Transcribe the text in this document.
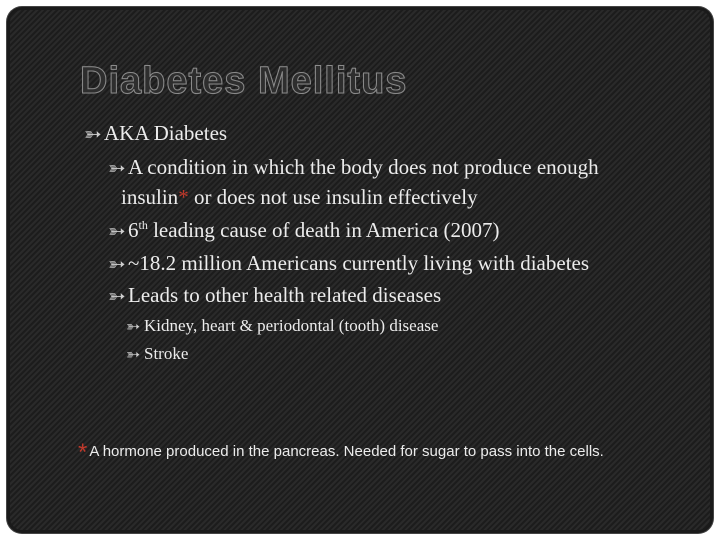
Diabetes Mellitus
➳ AKA Diabetes
➳ A condition in which the body does not produce enough
insulin* or does not use insulin effectively
➳ 6th leading cause of death in America (2007)
➳ ~18.2 million Americans currently living with diabetes
➳ Leads to other health related diseases
➳ Kidney, heart & periodontal (tooth) disease
➳ Stroke
* A hormone produced in the pancreas. Needed for sugar to pass into the cells.
